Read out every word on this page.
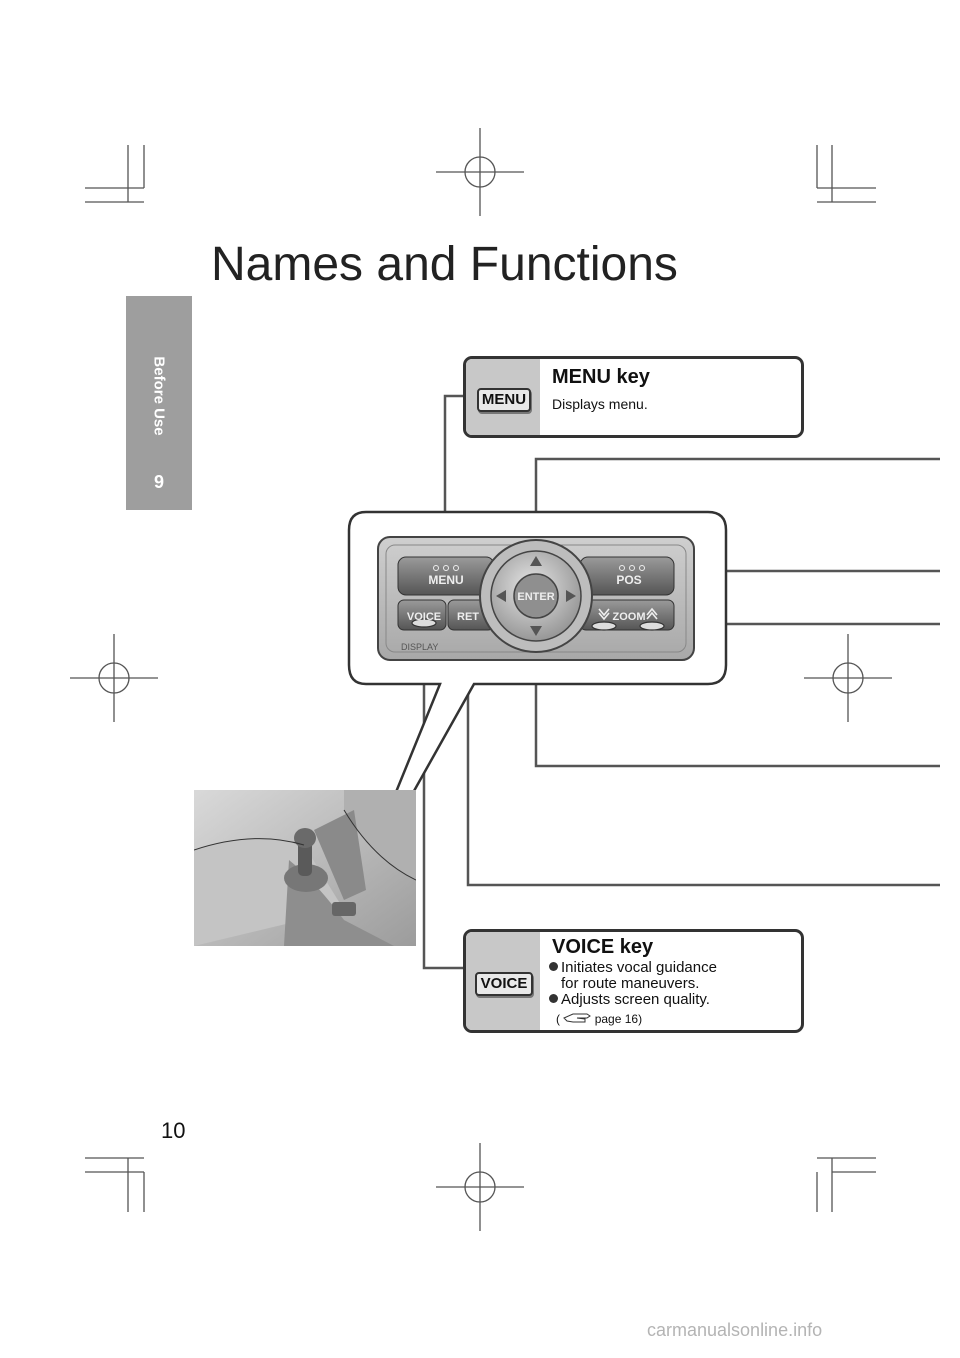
Before Use
9
Names and Functions
MENU
MENU key
Displays menu.
VOICE
VOICE key
Initiates vocal guidance
for route maneuvers.
Adjusts screen quality.
(	page 16)
MENU	POS
VOICE RET	ZOOM
ENTER
DISPLAY
10
carmanualsonline.info
